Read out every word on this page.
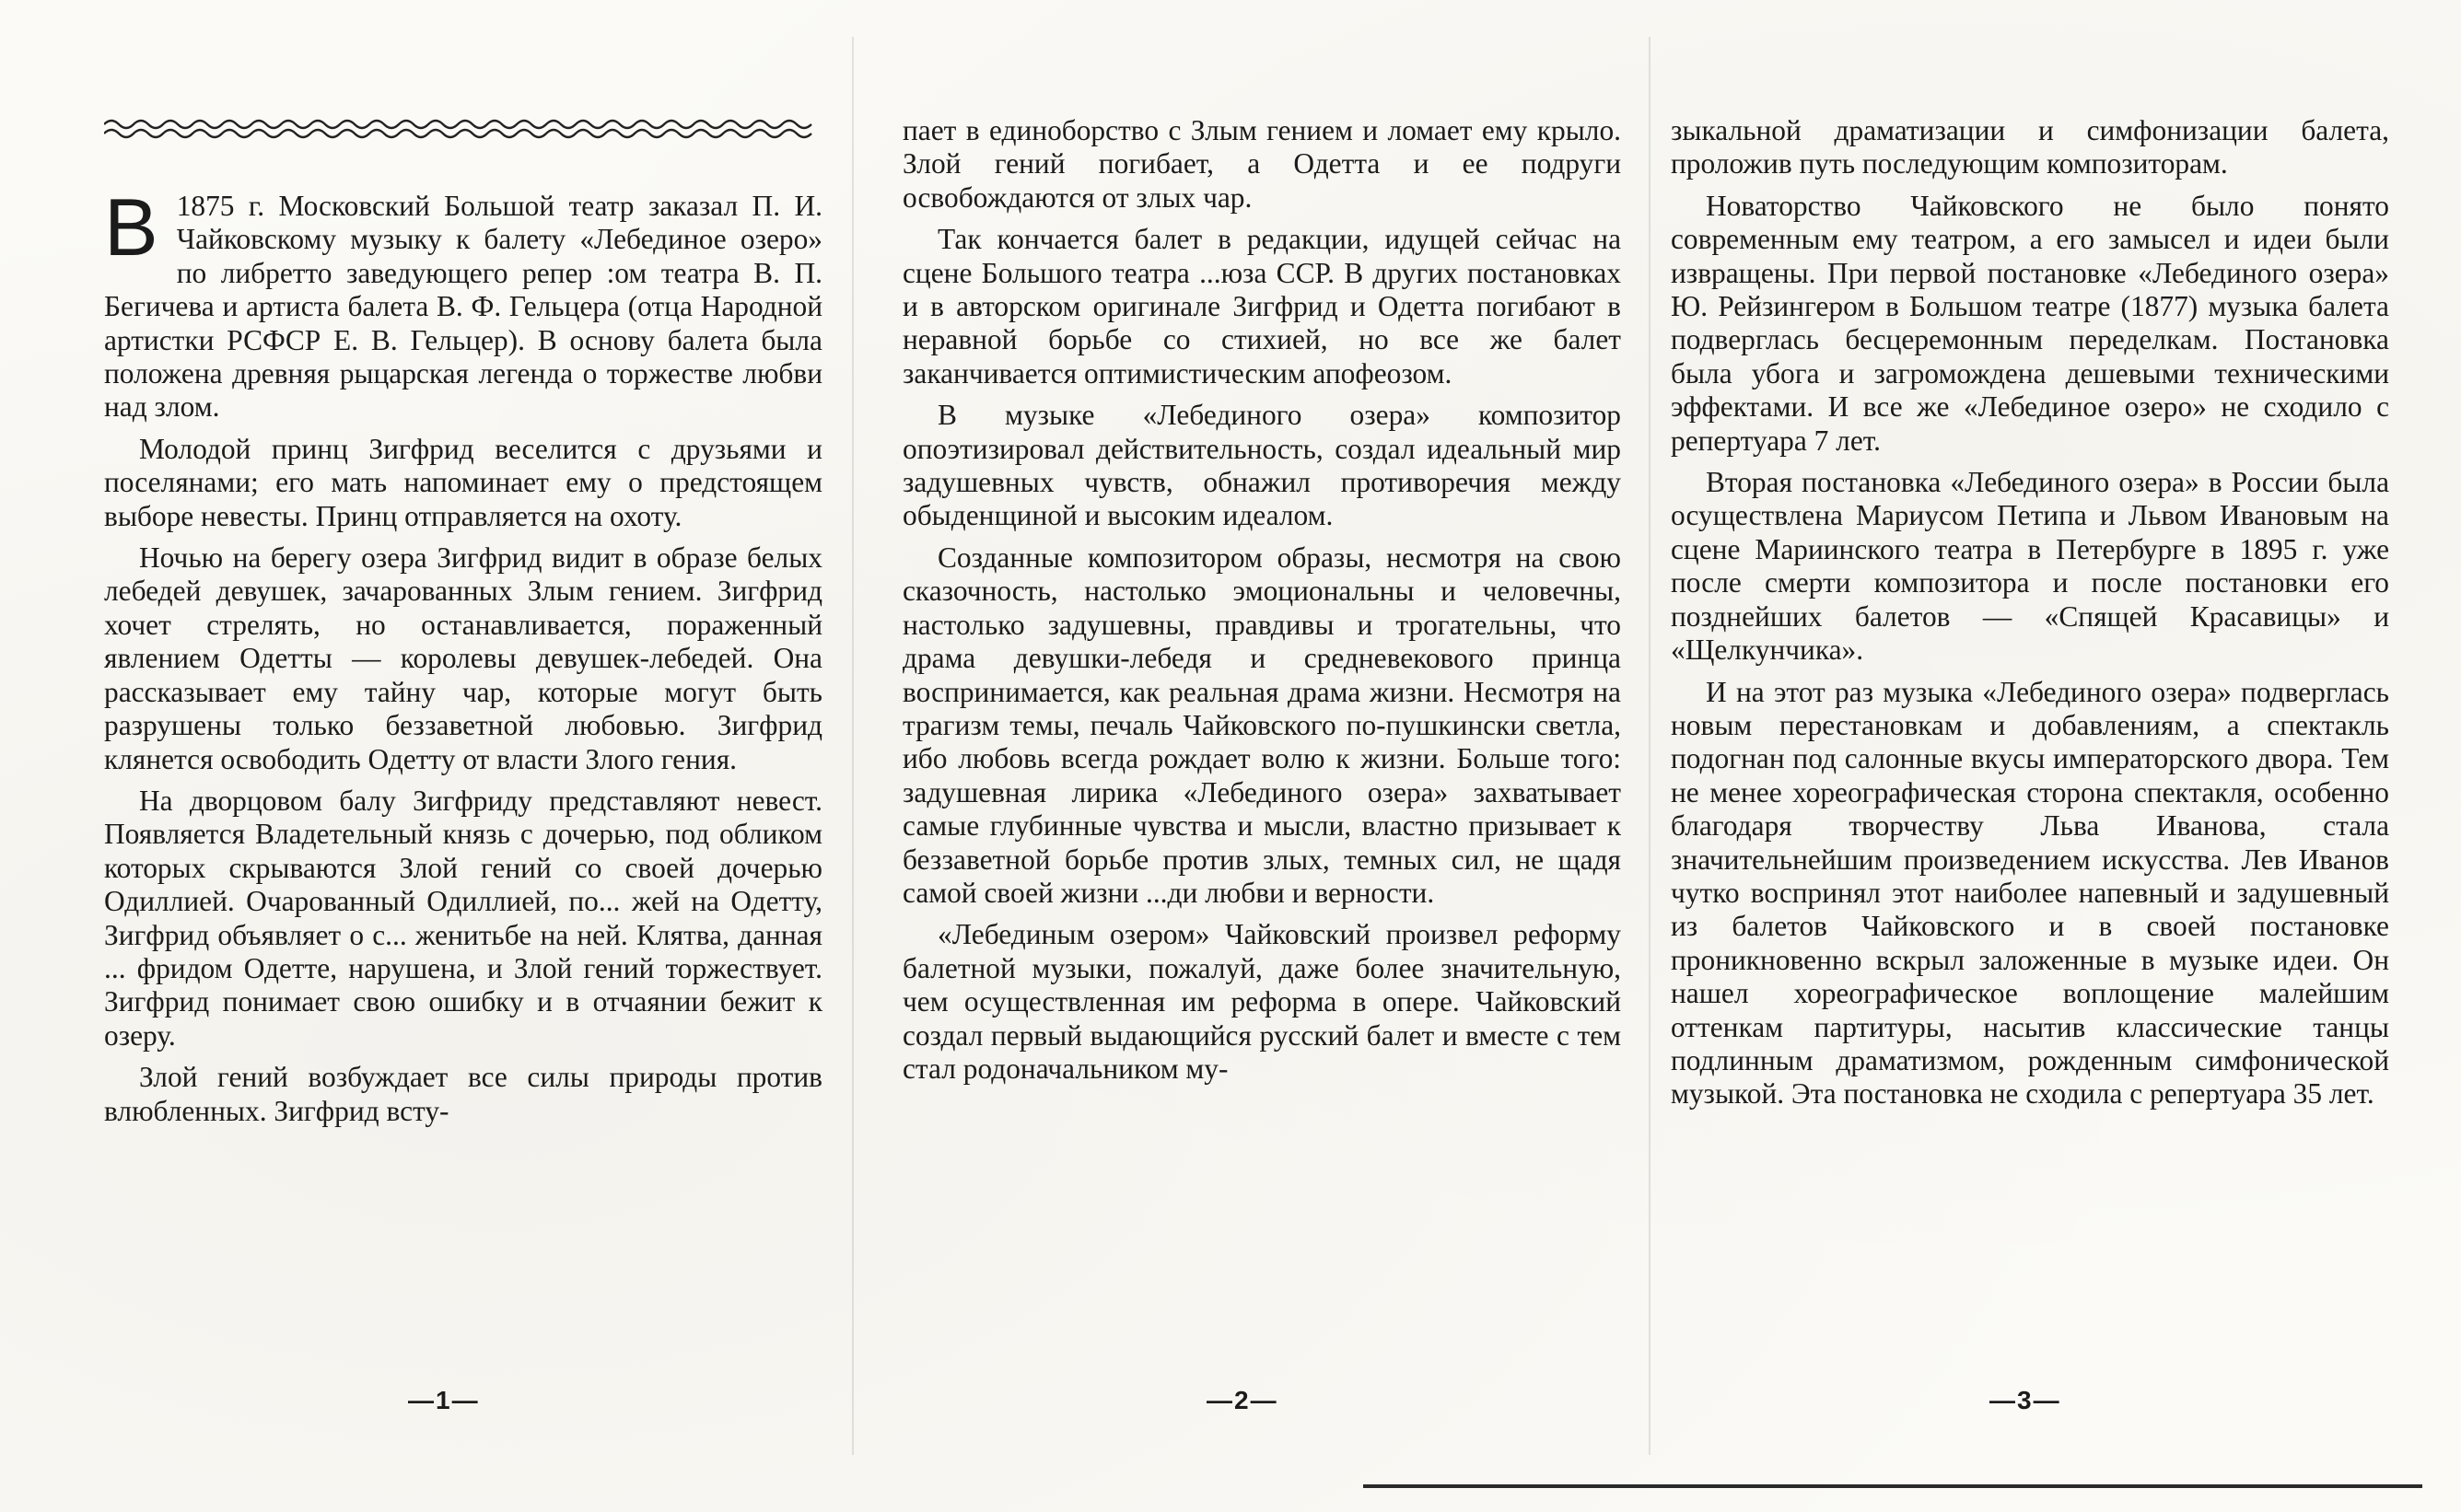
В 1875 г. Московский Большой театр заказал П. И. Чайковскому музыку к балету «Лебединое озеро» по либретто заведующего репер :ом театра В. П. Бегичева и артиста балета В. Ф. Гельцера (отца Народной артистки РСФСР Е. В. Гельцер). В основу балета была положена древняя рыцарская легенда о торжестве любви над злом.

Молодой принц Зигфрид веселится с друзьями и поселянами; его мать напоминает ему о предстоящем выборе невесты. Принц отправляется на охоту.

Ночью на берегу озера Зигфрид видит в образе белых лебедей девушек, зачарованных Злым гением. Зигфрид хочет стрелять, но останавливается, пораженный явлением Одетты — королевы девушек-лебедей. Она рассказывает ему тайну чар, которые могут быть разрушены только беззаветной любовью. Зигфрид клянется освободить Одетту от власти Злого гения.

На дворцовом балу Зигфриду представляют невест. Появляется Владетельный князь с дочерью, под обликом которых скрываются Злой гений со своей дочерью Одиллией. Очарованный Одиллией, по... жей на Одетту, Зигфрид объявляет о с... женитьбе на ней. Клятва, данная ... фридом Одетте, нарушена, и Злой гений торжествует. Зигфрид понимает свою ошибку и в отчаянии бежит к озеру.

Злой гений возбуждает все силы природы против влюбленных. Зигфрид всту-

пает в единоборство с Злым гением и ломает ему крыло. Злой гений погибает, а Одетта и ее подруги освобождаются от злых чар.

Так кончается балет в редакции, идущей сейчас на сцене Большого театра ...юза ССР. В других постановках и в авторском оригинале Зигфрид и Одетта погибают в неравной борьбе со стихией, но все же балет заканчивается оптимистическим апофеозом.

В музыке «Лебединого озера» композитор опоэтизировал действительность, создал идеальный мир задушевных чувств, обнажил противоречия между обыденщиной и высоким идеалом.

Созданные композитором образы, несмотря на свою сказочность, настолько эмоциональны и человечны, настолько задушевны, правдивы и трогательны, что драма девушки-лебедя и средневекового принца воспринимается, как реальная драма жизни. Несмотря на трагизм темы, печаль Чайковского по-пушкински светла, ибо любовь всегда рождает волю к жизни. Больше того: задушевная лирика «Лебединого озера» захватывает самые глубинные чувства и мысли, властно призывает к беззаветной борьбе против злых, темных сил, не щадя самой своей жизни ...ди любви и верности.

«Лебединым озером» Чайковский произвел реформу балетной музыки, пожалуй, даже более значительную, чем осуществленная им реформа в опере. Чайковский создал первый выдающийся русский балет и вместе с тем стал родоначальником му-

зыкальной драматизации и симфонизации балета, проложив путь последующим композиторам.

Новаторство Чайковского не было понято современным ему театром, а его замысел и идеи были извращены. При первой постановке «Лебединого озера» Ю. Рейзингером в Большом театре (1877) музыка балета подверглась бесцеремонным переделкам. Постановка была убога и загромождена дешевыми техническими эффектами. И все же «Лебединое озеро» не сходило с репертуара 7 лет.

Вторая постановка «Лебединого озера» в России была осуществлена Мариусом Петипа и Львом Ивановым на сцене Мариинского театра в Петербурге в 1895 г. уже после смерти композитора и после постановки его позднейших балетов — «Спящей Красавицы» и «Щелкунчика».

И на этот раз музыка «Лебединого озера» подверглась новым перестановкам и добавлениям, а спектакль подогнан под салонные вкусы императорского двора. Тем не менее хореографическая сторона спектакля, особенно благодаря творчеству Льва Иванова, стала значительнейшим произведением искусства. Лев Иванов чутко воспринял этот наиболее напевный и задушевный из балетов Чайковского и в своей постановке проникновенно вскрыл заложенные в музыке идеи. Он нашел хореографическое воплощение малейшим оттенкам партитуры, насытив классические танцы подлинным драматизмом, рожденным симфонической музыкой. Эта постановка не сходила с репертуара 35 лет.

—1—	—2—	—3—
